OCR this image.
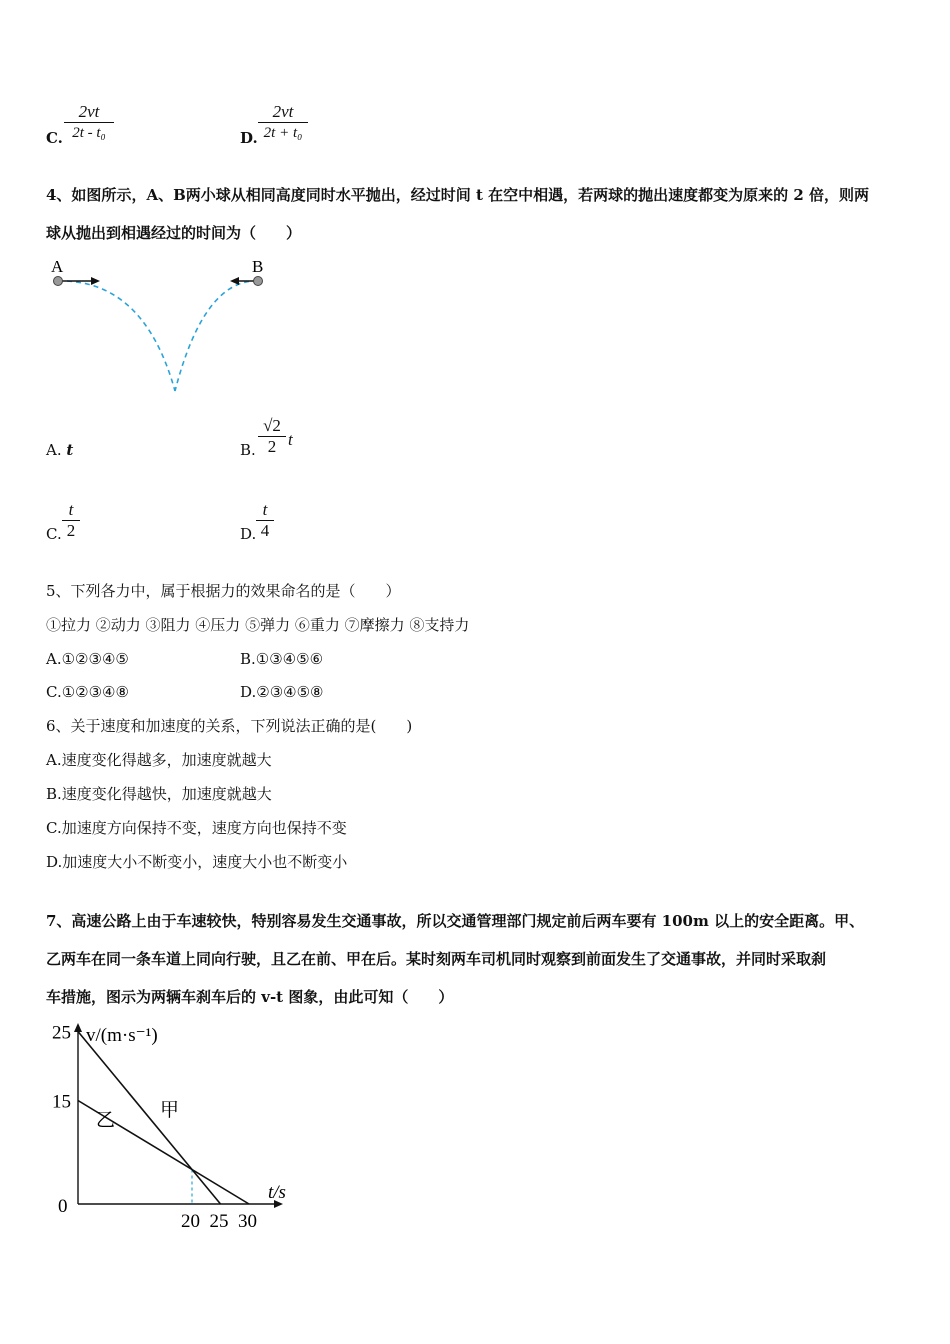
C.
2vt
2t - t₀	D.
2vt
2t + t₀
4、如图所示，A、B两小球从相同高度同时水平抛出，经过时间 t 在空中相遇，若两球的抛出速度都变为原来的 2 倍，则两
球从抛出到相遇经过的时间为（　　）
A	B
A. t	B.
√2
2 t
C.
t
2	D.
t
4
5、下列各力中，属于根据力的效果命名的是（　　）
①拉力 ②动力 ③阻力 ④压力 ⑤弹力 ⑥重力 ⑦摩擦力 ⑧支持力
A.①②③④⑤	B.①③④⑤⑥
C.①②③④⑧	D.②③④⑤⑧
6、关于速度和加速度的关系，下列说法正确的是(　　)
A.速度变化得越多，加速度就越大
B.速度变化得越快，加速度就越大
C.加速度方向保持不变，速度方向也保持不变
D.加速度大小不断变小，速度大小也不断变小
7、高速公路上由于车速较快，特别容易发生交通事故，所以交通管理部门规定前后两车要有 100m 以上的安全距离。甲、
乙两车在同一条车道上同向行驶，且乙在前、甲在后。某时刻两车司机同时观察到前面发生了交通事故，并同时采取刹
车措施，图示为两辆车刹车后的 v-t 图象，由此可知（　　）
v/(m·s⁻¹)
t/s
0
25
15
20 25 30
甲
乙
